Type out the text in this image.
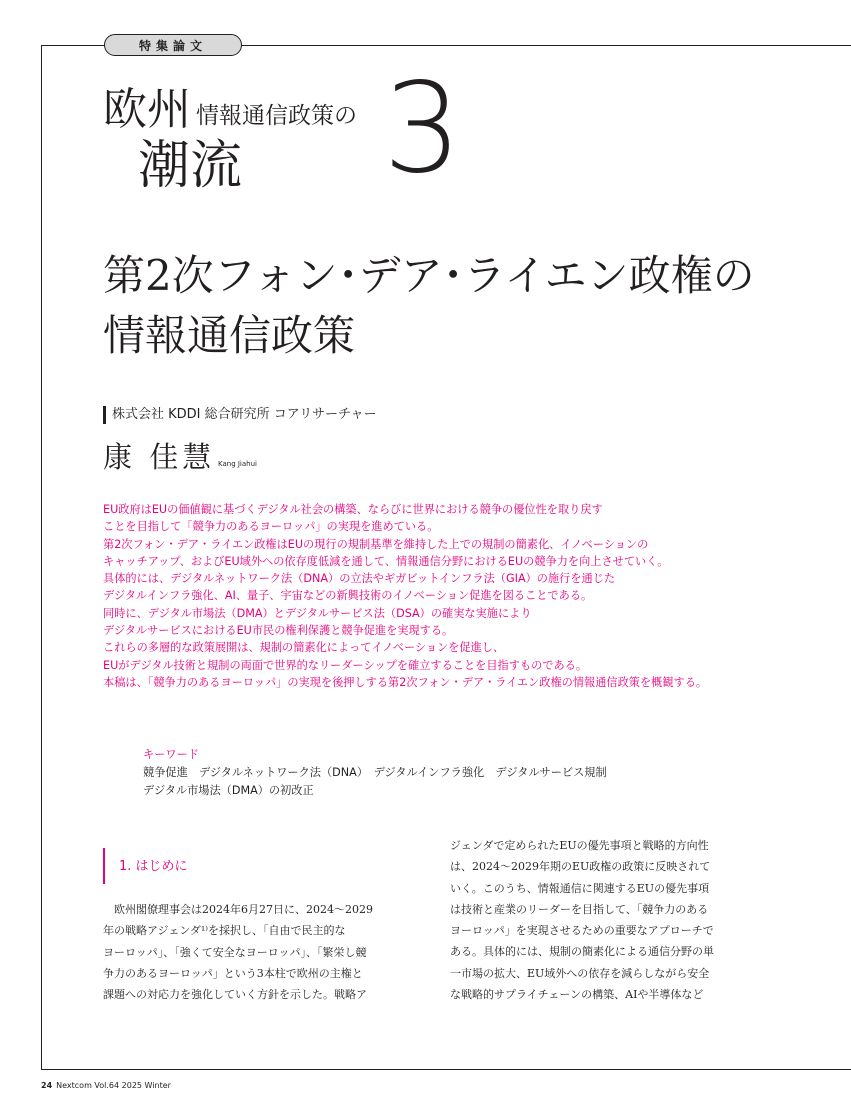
特集論文
欧州 情報通信政策の
潮流 3
第2次フォン･デア･ライエン政権の
情報通信政策
株式会社 KDDI 総合研究所 コアリサーチャー
康 佳慧 Kang Jiahui
EU政府はEUの価値観に基づくデジタル社会の構築、ならびに世界における競争の優位性を取り戻す
ことを目指して「競争力のあるヨーロッパ」の実現を進めている。
第2次フォン・デア・ライエン政権はEUの現行の規制基準を維持した上での規制の簡素化、イノベーションの
キャッチアップ、およびEU域外への依存度低減を通して、情報通信分野におけるEUの競争力を向上させていく。
具体的には、デジタルネットワーク法（DNA）の立法やギガビットインフラ法（GIA）の施行を通じた
デジタルインフラ強化、AI、量子、宇宙などの新興技術のイノベーション促進を図ることである。
同時に、デジタル市場法（DMA）とデジタルサービス法（DSA）の確実な実施により
デジタルサービスにおけるEU市民の権利保護と競争促進を実現する。
これらの多層的な政策展開は、規制の簡素化によってイノベーションを促進し、
EUがデジタル技術と規制の両面で世界的なリーダーシップを確立することを目指すものである。
本稿は、「競争力のあるヨーロッパ」の実現を後押しする第2次フォン・デア・ライエン政権の情報通信政策を概観する。
キーワード
競争促進　デジタルネットワーク法（DNA）　デジタルインフラ強化　デジタルサービス規制
デジタル市場法（DMA）の初改正
1. はじめに
　欧州閣僚理事会は2024年6月27日に、2024～2029
年の戦略アジェンダ¹⁾を採択し、「自由で民主的な
ヨーロッパ」、「強くて安全なヨーロッパ」、「繁栄し競
争力のあるヨーロッパ」という3本柱で欧州の主権と
課題への対応力を強化していく方針を示した。戦略ア
ジェンダで定められたEUの優先事項と戦略的方向性
は、2024～2029年期のEU政権の政策に反映されて
いく。このうち、情報通信に関連するEUの優先事項
は技術と産業のリーダーを目指して、「競争力のある
ヨーロッパ」を実現させるための重要なアプローチで
ある。具体的には、規制の簡素化による通信分野の単
一市場の拡大、EU域外への依存を減らしながら安全
な戦略的サプライチェーンの構築、AIや半導体など
24 Nextcom Vol.64 2025 Winter
